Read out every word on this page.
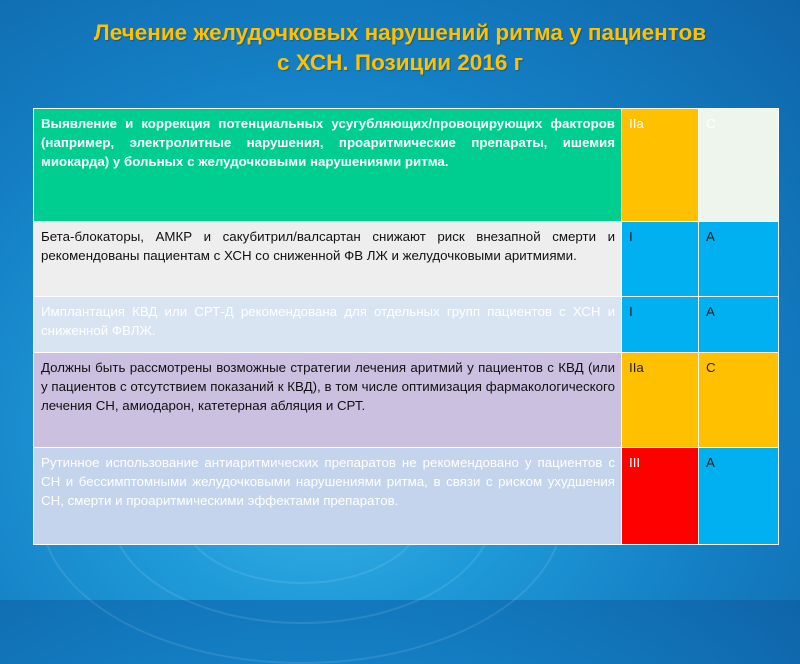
Лечение желудочковых нарушений ритма у пациентов
с ХСН. Позиции 2016 г
Выявление и коррекция потенциальных усугубляющих/провоцирующих факторов (например, электролитные нарушения, проаритмические препараты, ишемия миокарда) у больных с желудочковыми нарушениями ритма.	IIa	C
Бета-блокаторы, АМКР и сакубитрил/валсартан снижают риск внезапной смерти и рекомендованы пациентам с ХСН со сниженной ФВ ЛЖ и желудочковыми аритмиями.	I	A
Имплантация КВД или СРТ-Д рекомендована для отдельных групп пациентов с ХСН и сниженной ФВЛЖ.	I	A
Должны быть рассмотрены возможные стратегии лечения аритмий у пациентов с КВД (или у пациентов с отсутствием показаний к КВД), в том числе оптимизация фармакологического лечения СН, амиодарон, катетерная абляция и СРТ.	IIa	C
Рутинное использование антиаритмических препаратов не рекомендовано у пациентов с СН и бессимптомными желудочковыми нарушениями ритма, в связи с риском ухудшения СН, смерти и проаритмическими эффектами препаратов.	III	A
